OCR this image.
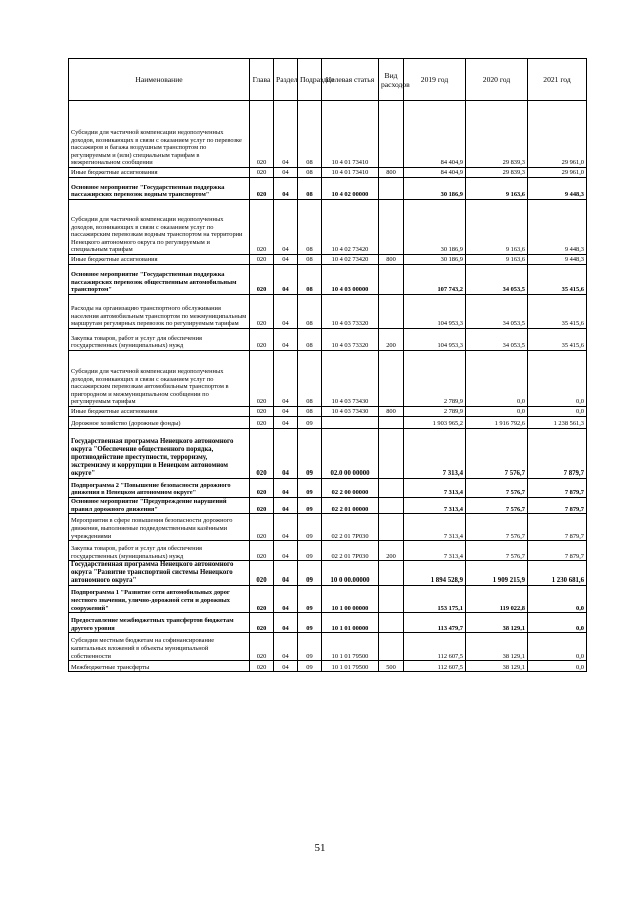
Наименование	Глава	Раздел	Подраздел	Целевая статья	Вид расходов	2019 год	2020 год	2021 год
Субсидии для частичной компенсации недополученных доходов, возникающих в связи с оказанием услуг по перевозке пассажиров и багажа воздушным транспортом по регулируемым и (или) специальным тарифам в межрегиональном сообщении	020	04	08	10 4 01 73410		84 404,9	29 839,3	29 961,0
Иные бюджетные ассигнования	020	04	08	10 4 01 73410	800	84 404,9	29 839,3	29 961,0
Основное мероприятие "Государственная поддержка пассажирских перевозок водным транспортом"	020	04	08	10 4 02 00000		30 186,9	9 163,6	9 448,3
Субсидии для частичной компенсации недополученных доходов, возникающих в связи с оказанием услуг по пассажирским перевозкам водным транспортом на территории Ненецкого автономного округа по регулируемым и специальным тарифам	020	04	08	10 4 02 73420		30 186,9	9 163,6	9 448,3
Иные бюджетные ассигнования	020	04	08	10 4 02 73420	800	30 186,9	9 163,6	9 448,3
Основное мероприятие "Государственная поддержка пассажирских перевозок общественным автомобильным транспортом"	020	04	08	10 4 03 00000		107 743,2	34 053,5	35 415,6
Расходы на организацию транспортного обслуживания населения автомобильным транспортом по межмуниципальным маршрутам регулярных перевозок по регулируемым тарифам	020	04	08	10 4 03 73320		104 953,3	34 053,5	35 415,6
Закупка товаров, работ и услуг для обеспечения государственных (муниципальных) нужд	020	04	08	10 4 03 73320	200	104 953,3	34 053,5	35 415,6
Субсидии для частичной компенсации недополученных доходов, возникающих в связи с оказанием услуг по пассажирским перевозкам автомобильным транспортом в пригородном и межмуниципальном сообщении по регулируемым тарифам	020	04	08	10 4 03 73430		2 789,9	0,0	0,0
Иные бюджетные ассигнования	020	04	08	10 4 03 73430	800	2 789,9	0,0	0,0
Дорожное хозяйство (дорожные фонды)	020	04	09			1 903 965,2	1 916 792,6	1 238 561,3
Государственная программа Ненецкого автономного округа "Обеспечение общественного порядка, противодействие преступности, терроризму, экстремизму и коррупции в Ненецком автономном округе"	020	04	09	02.0 00 00000		7 313,4	7 576,7	7 879,7
Подпрограмма 2 "Повышение безопасности дорожного движения в Ненецком автономном округе"	020	04	09	02 2 00 00000		7 313,4	7 576,7	7 879,7
Основное мероприятие "Предупреждение нарушений правил дорожного движения"	020	04	09	02 2 01 00000		7 313,4	7 576,7	7 879,7
Мероприятия в сфере повышения безопасности дорожного движения, выполняемые подведомственными казёнными учреждениями	020	04	09	02 2 01 7Р030		7 313,4	7 576,7	7 879,7
Закупка товаров, работ и услуг для обеспечения государственных (муниципальных) нужд	020	04	09	02 2 01 7Р030	200	7 313,4	7 576,7	7 879,7
Государственная программа Ненецкого автономного округа "Развитие транспортной системы Ненецкого автономного округа"	020	04	09	10 0 00.00000		1 894 528,9	1 909 215,9	1 230 681,6
Подпрограмма 1 "Развитие сети автомобильных дорог местного значения, улично-дорожной сети и дорожных сооружений"	020	04	09	10 1 00 00000		153 175,1	119 022,8	0,0
Предоставление межбюджетных трансфертов бюджетам другого уровня	020	04	09	10 1 01 00000		113 479,7	38 129,1	0,0
Субсидии местным бюджетам на софинансирование капитальных вложений в объекты муниципальной собственности	020	04	09	10 1 01 79500		112 607,5	38 129,1	0,0
Межбюджетные трансферты	020	04	09	10 1 01 79500	500	112 607,5	38 129,1	0,0
51
